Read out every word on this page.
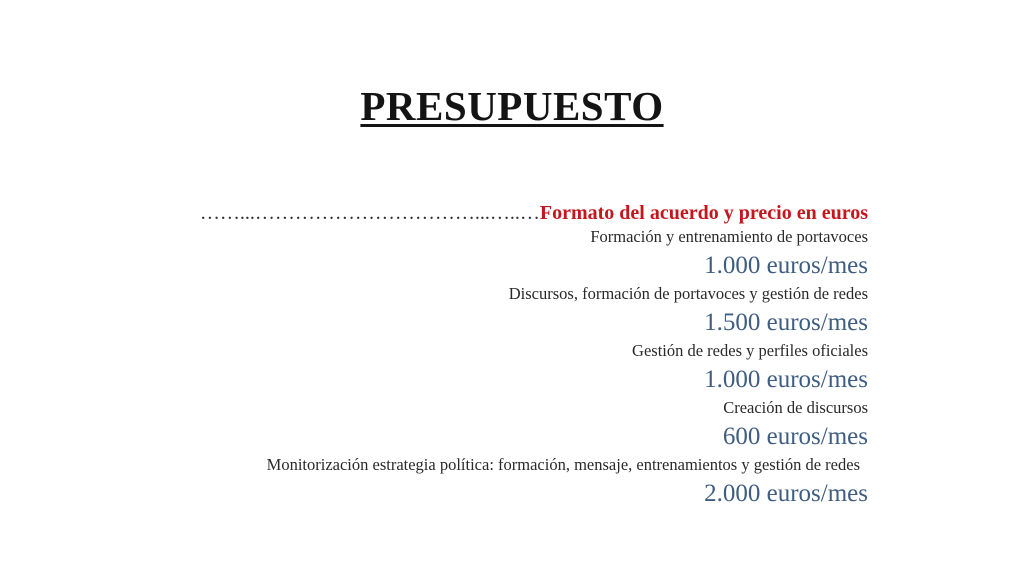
PRESUPUESTO
……...……………………………...…..…Formato del acuerdo y precio en euros
Formación y entrenamiento de portavoces
1.000 euros/mes
Discursos, formación de portavoces y gestión de redes
1.500 euros/mes
Gestión de redes y perfiles oficiales
1.000 euros/mes
Creación de discursos
600 euros/mes
Monitorización estrategia política: formación, mensaje, entrenamientos y gestión de redes
2.000 euros/mes
